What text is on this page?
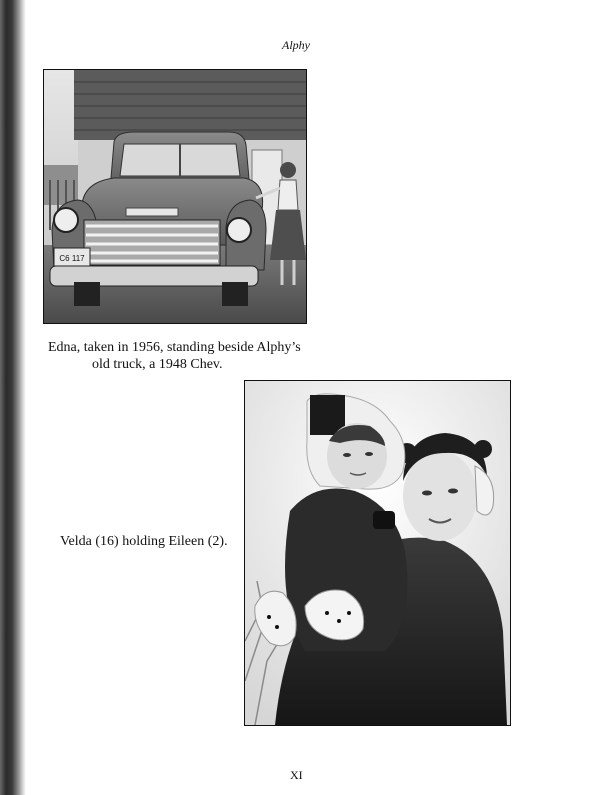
Alphy
C6 117
Edna, taken in 1956, standing beside Alphy’s
old truck, a 1948 Chev.
Velda (16) holding Eileen (2).
XI
